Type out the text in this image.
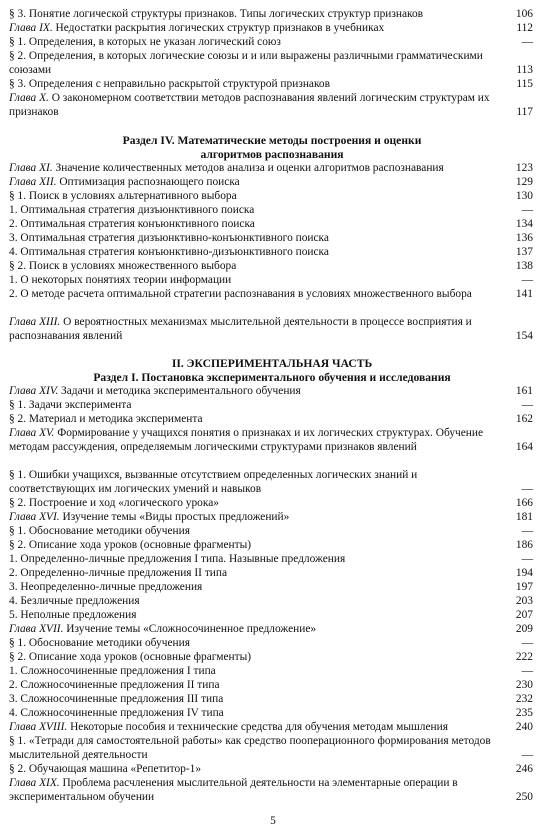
§ 3. Понятие логической структуры признаков. Типы логических структур признаков	106
Глава IX. Недостатки раскрытия логических структур признаков в учебниках	112
§ 1. Определения, в которых не указан логический союз	—
§ 2. Определения, в которых логические союзы и и или выражены различными грамматическими союзами	113
§ 3. Определения с неправильно раскрытой структурой признаков	115
Глава X. О закономерном соответствии методов распознавания явлений логическим структурам их признаков	117
Раздел IV. Математические методы построения и оценки
алгоритмов распознавания
Глава XI. Значение количественных методов анализа и оценки алгоритмов распознавания	123
Глава XII. Оптимизация распознающего поиска	129
§ 1. Поиск в условиях альтернативного выбора	130
1. Оптимальная стратегия дизъюнктивного поиска	—
2. Оптимальная стратегия конъюнктивного поиска	134
3. Оптимальная стратегия дизъюнктивно-конъюнктивного поиска	136
4. Оптимальная стратегия конъюнктивно-дизъюнктивного поиска	137
§ 2. Поиск в условиях множественного выбора	138
1. О некоторых понятиях теории информации	—
2. О методе расчета оптимальной стратегии распознавания в условиях множественного выбора	141
Глава XIII. О вероятностных механизмах мыслительной деятельности в процессе восприятия и распознавания явлений	154
II. ЭКСПЕРИМЕНТАЛЬНАЯ ЧАСТЬ
Раздел I. Постановка экспериментального обучения и исследования
Глава XIV. Задачи и методика экспериментального обучения	161
§ 1. Задачи эксперимента	—
§ 2. Материал и методика эксперимента	162
Глава XV. Формирование у учащихся понятия о признаках и их логических структурах. Обучение методам рассуждения, определяемым логическими структурами признаков явлений	164
§ 1. Ошибки учащихся, вызванные отсутствием определенных логических знаний и соответствующих им логических умений и навыков	—
§ 2. Построение и ход «логического урока»	166
Глава XVI. Изучение темы «Виды простых предложений»	181
§ 1. Обоснование методики обучения	—
§ 2. Описание хода уроков (основные фрагменты)	186
1. Определенно-личные предложения I типа. Назывные предложения	—
2. Определенно-личные предложения II типа	194
3. Неопределенно-личные предложения	197
4. Безличные предложения	203
5. Неполные предложения	207
Глава XVII. Изучение темы «Сложносочиненное предложение»	209
§ 1. Обоснование методики обучения	—
§ 2. Описание хода уроков (основные фрагменты)	222
1. Сложносочиненные предложения I типа	—
2. Сложносочиненные предложения II типа	230
3. Сложносочиненные предложения III типа	232
4. Сложносочиненные предложения IV типа	235
Глава XVIII. Некоторые пособия и технические средства для обучения методам мышления	240
§ 1. «Тетради для самостоятельной работы» как средство пооперационного формирования методов мыслительной деятельности	—
§ 2. Обучающая машина «Репетитор-1»	246
Глава XIX. Проблема расчленения мыслительной деятельности на элементарные операции в экспериментальном обучении	250
5
